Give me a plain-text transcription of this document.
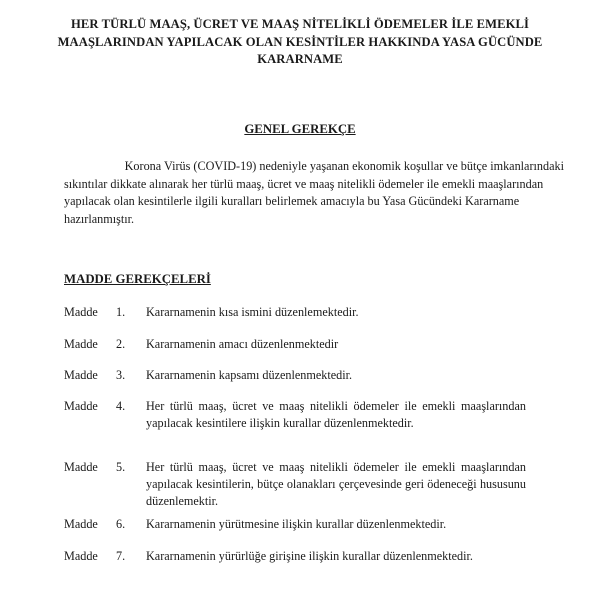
HER TÜRLÜ MAAŞ, ÜCRET VE MAAŞ NİTELİKLİ ÖDEMELER İLE EMEKLİ
MAAŞLARINDAN YAPILACAK OLAN KESİNTİLER HAKKINDA YASA GÜCÜNDE
KARARNAME
GENEL GEREKÇE
Korona Virüs (COVID-19) nedeniyle yaşanan ekonomik koşullar ve bütçe imkanlarındaki
sıkıntılar dikkate alınarak her türlü maaş, ücret ve maaş nitelikli ödemeler ile emekli maaşlarından
yapılacak olan kesintilerle ilgili kuralları belirlemek amacıyla bu Yasa Gücündeki Kararname
hazırlanmıştır.
MADDE GEREKÇELERİ
Madde 1. Kararnamenin kısa ismini düzenlemektedir.
Madde 2. Kararnamenin amacı düzenlenmektedir
Madde 3. Kararnamenin kapsamı düzenlenmektedir.
Madde 4. Her türlü maaş, ücret ve maaş nitelikli ödemeler ile emekli maaşlarından
yapılacak kesintilere ilişkin kurallar düzenlenmektedir.
Madde 5. Her türlü maaş, ücret ve maaş nitelikli ödemeler ile emekli maaşlarından
yapılacak kesintilerin, bütçe olanakları çerçevesinde geri ödeneceği hususunu
düzenlemektir.
Madde 6. Kararnamenin yürütmesine ilişkin kurallar düzenlenmektedir.
Madde 7. Kararnamenin yürürlüğe girişine ilişkin kurallar düzenlenmektedir.
